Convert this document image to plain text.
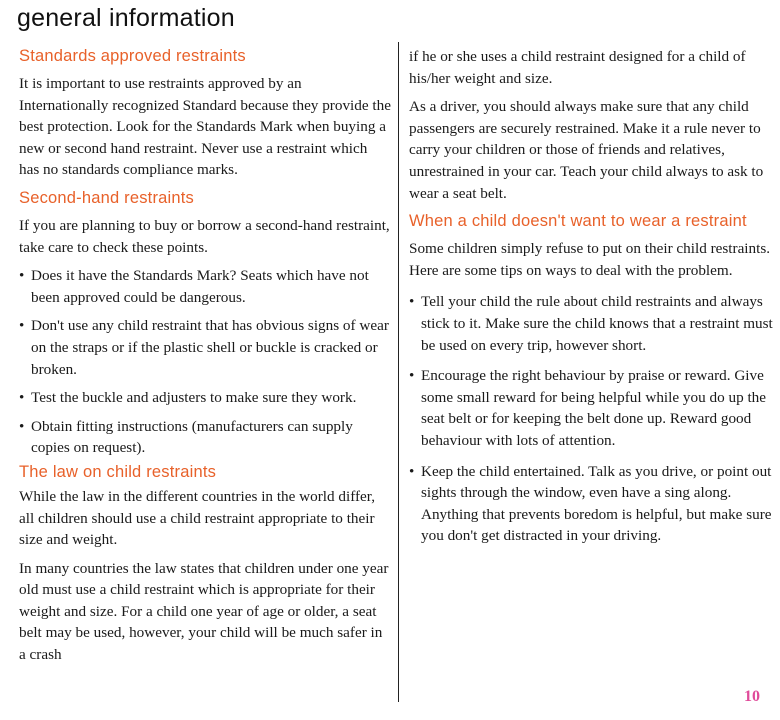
general information
Standards approved restraints

It is important to use restraints approved by an Internationally recognized Standard because they provide the best protection. Look for the Standards Mark when buying a new or second hand restraint. Never use a restraint which has no standards compliance marks.

Second-hand restraints

If you are planning to buy or borrow a second-hand restraint, take care to check these points.

• Does it have the Standards Mark? Seats which have not been approved could be dangerous.
• Don't use any child restraint that has obvious signs of wear on the straps or if the plastic shell or buckle is cracked or broken.
• Test the buckle and adjusters to make sure they work.
• Obtain fitting instructions (manufacturers can supply copies on request).
The law on child restraints

While the law in the different countries in the world differ, all children should use a child restraint appropriate to their size and weight.

In many countries the law states that children under one year old must use a child restraint which is appropriate for their weight and size. For a child one year of age or older, a seat belt may be used, however, your child will be much safer in a crash

if he or she uses a child restraint designed for a child of his/her weight and size.

As a driver, you should always make sure that any child passengers are securely restrained. Make it a rule never to carry your children or those of friends and relatives, unrestrained in your car. Teach your child always to ask to wear a seat belt.

When a child doesn't want to wear a restraint

Some children simply refuse to put on their child restraints. Here are some tips on ways to deal with the problem.

• Tell your child the rule about child restraints and always stick to it. Make sure the child knows that a restraint must be used on every trip, however short.
• Encourage the right behaviour by praise or reward. Give some small reward for being helpful while you do up the seat belt or for keeping the belt done up. Reward good behaviour with lots of attention.
• Keep the child entertained. Talk as you drive, or point out sights through the window, even have a sing along. Anything that prevents boredom is helpful, but make sure you don't get distracted in your driving.
10
